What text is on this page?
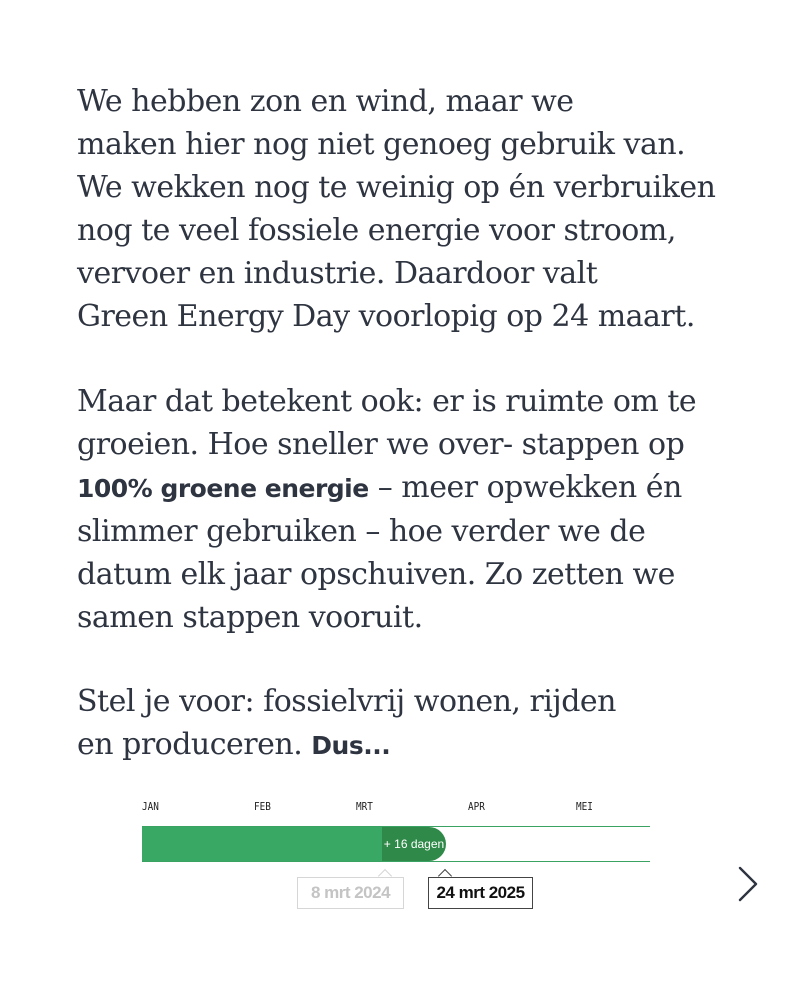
We hebben zon en wind, maar we
maken hier nog niet genoeg gebruik van.
We wekken nog te weinig op én verbruiken
nog te veel fossiele energie voor stroom,
vervoer en industrie. Daardoor valt
Green Energy Day voorlopig op 24 maart.
Maar dat betekent ook: er is ruimte om te
groeien. Hoe sneller we over- stappen op
100% groene energie – meer opwekken én
slimmer gebruiken – hoe verder we de
datum elk jaar opschuiven. Zo zetten we
samen stappen vooruit.
Stel je voor: fossielvrij wonen, rijden
en produceren. Dus...
JAN	FEB	MRT	APR	MEI
+ 16 dagen
8 mrt 2024	24 mrt 2025
